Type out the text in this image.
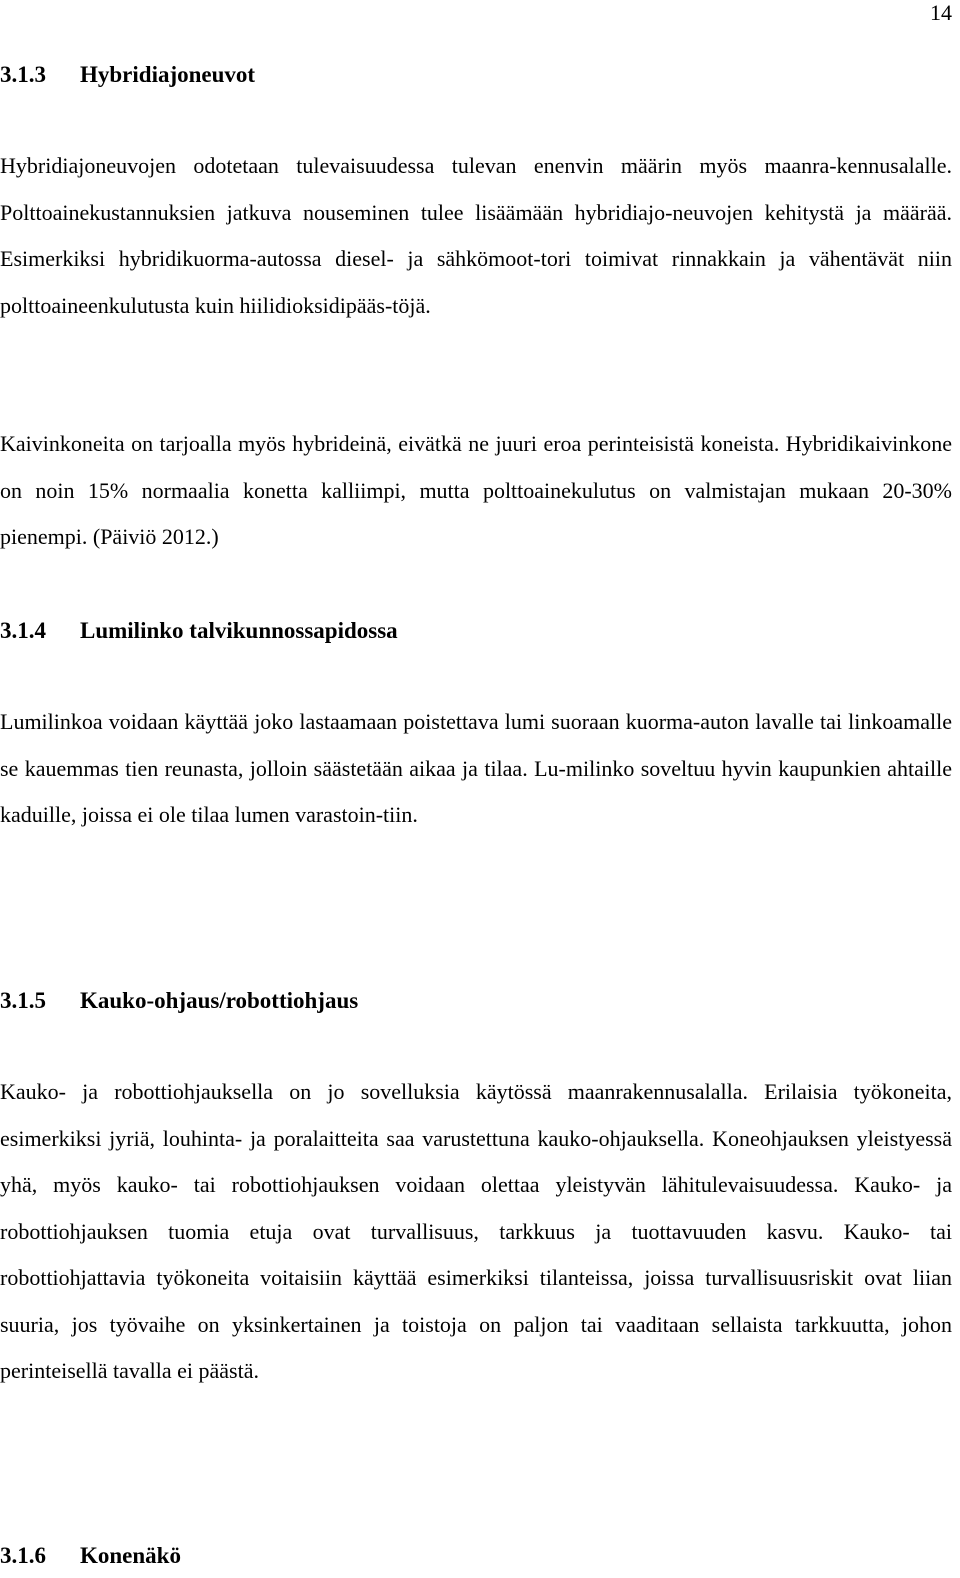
14
3.1.3 Hybridiajoneuvot

Hybridiajoneuvojen odotetaan tulevaisuudessa tulevan enenvin määrin myös maanra-kennusalalle. Polttoainekustannuksien jatkuva nouseminen tulee lisäämään hybridiajo-neuvojen kehitystä ja määrää. Esimerkiksi hybridikuorma-autossa diesel- ja sähkömoot-tori toimivat rinnakkain ja vähentävät niin polttoaineenkulutusta kuin hiilidioksidipääs-töjä.

Kaivinkoneita on tarjoalla myös hybrideinä, eivätkä ne juuri eroa perinteisistä koneista. Hybridikaivinkone on noin 15% normaalia konetta kalliimpi, mutta polttoainekulutus on valmistajan mukaan 20-30% pienempi. (Päiviö 2012.)

3.1.4 Lumilinko talvikunnossapidossa

Lumilinkoa voidaan käyttää joko lastaamaan poistettava lumi suoraan kuorma-auton lavalle tai linkoamalle se kauemmas tien reunasta, jolloin säästetään aikaa ja tilaa. Lu-milinko soveltuu hyvin kaupunkien ahtaille kaduille, joissa ei ole tilaa lumen varastoin-tiin.

3.1.5 Kauko-ohjaus/robottiohjaus

Kauko- ja robottiohjauksella on jo sovelluksia käytössä maanrakennusalalla. Erilaisia työkoneita, esimerkiksi jyriä, louhinta- ja poralaitteita saa varustettuna kauko-ohjauksella. Koneohjauksen yleistyessä yhä, myös kauko- tai robottiohjauksen voidaan olettaa yleistyvän lähitulevaisuudessa. Kauko- ja robottiohjauksen tuomia etuja ovat turvallisuus, tarkkuus ja tuottavuuden kasvu. Kauko- tai robottiohjattavia työkoneita voitaisiin käyttää esimerkiksi tilanteissa, joissa turvallisuusriskit ovat liian suuria, jos työvaihe on yksinkertainen ja toistoja on paljon tai vaaditaan sellaista tarkkuutta, johon perinteisellä tavalla ei päästä.

3.1.6 Konenäkö
